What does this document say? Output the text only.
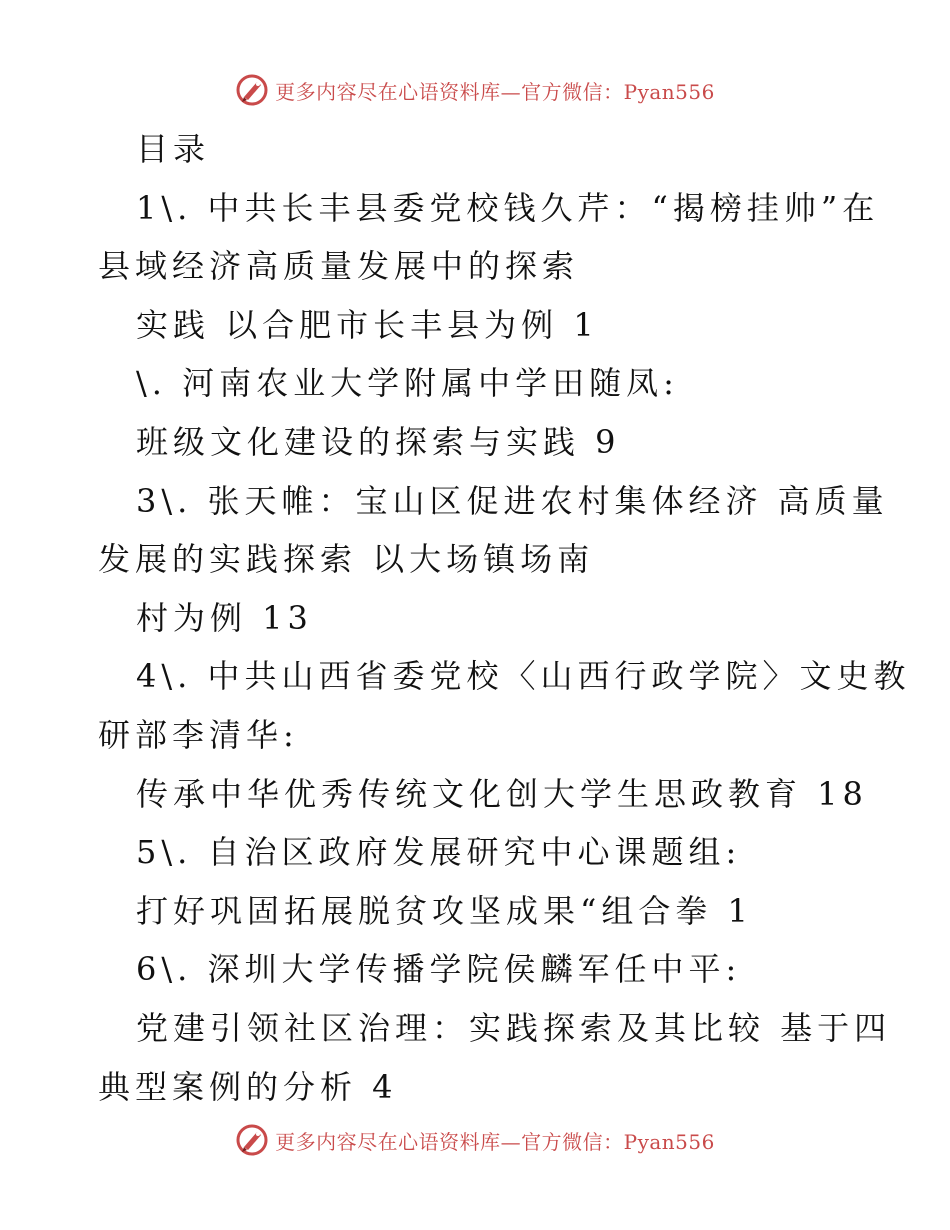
更多内容尽在心语资料库—官方微信：Pyan556
目录
1\. 中共长丰县委党校钱久芹：“揭榜挂帅”在
县域经济高质量发展中的探索
实践 以合肥市长丰县为例 1
\. 河南农业大学附属中学田随凤:
班级文化建设的探索与实践 9
3\. 张天帷：宝山区促进农村集体经济 高质量
发展的实践探索 以大场镇场南
村为例 13
4\. 中共山西省委党校〈山西行政学院〉文史教
研部李清华:
传承中华优秀传统文化创大学生思政教育 18
5\. 自治区政府发展研究中心课题组:
打好巩固拓展脱贫攻坚成果“组合拳 1
6\. 深圳大学传播学院侯麟军任中平:
党建引领社区治理：实践探索及其比较 基于四
典型案例的分析 4
更多内容尽在心语资料库—官方微信：Pyan556
